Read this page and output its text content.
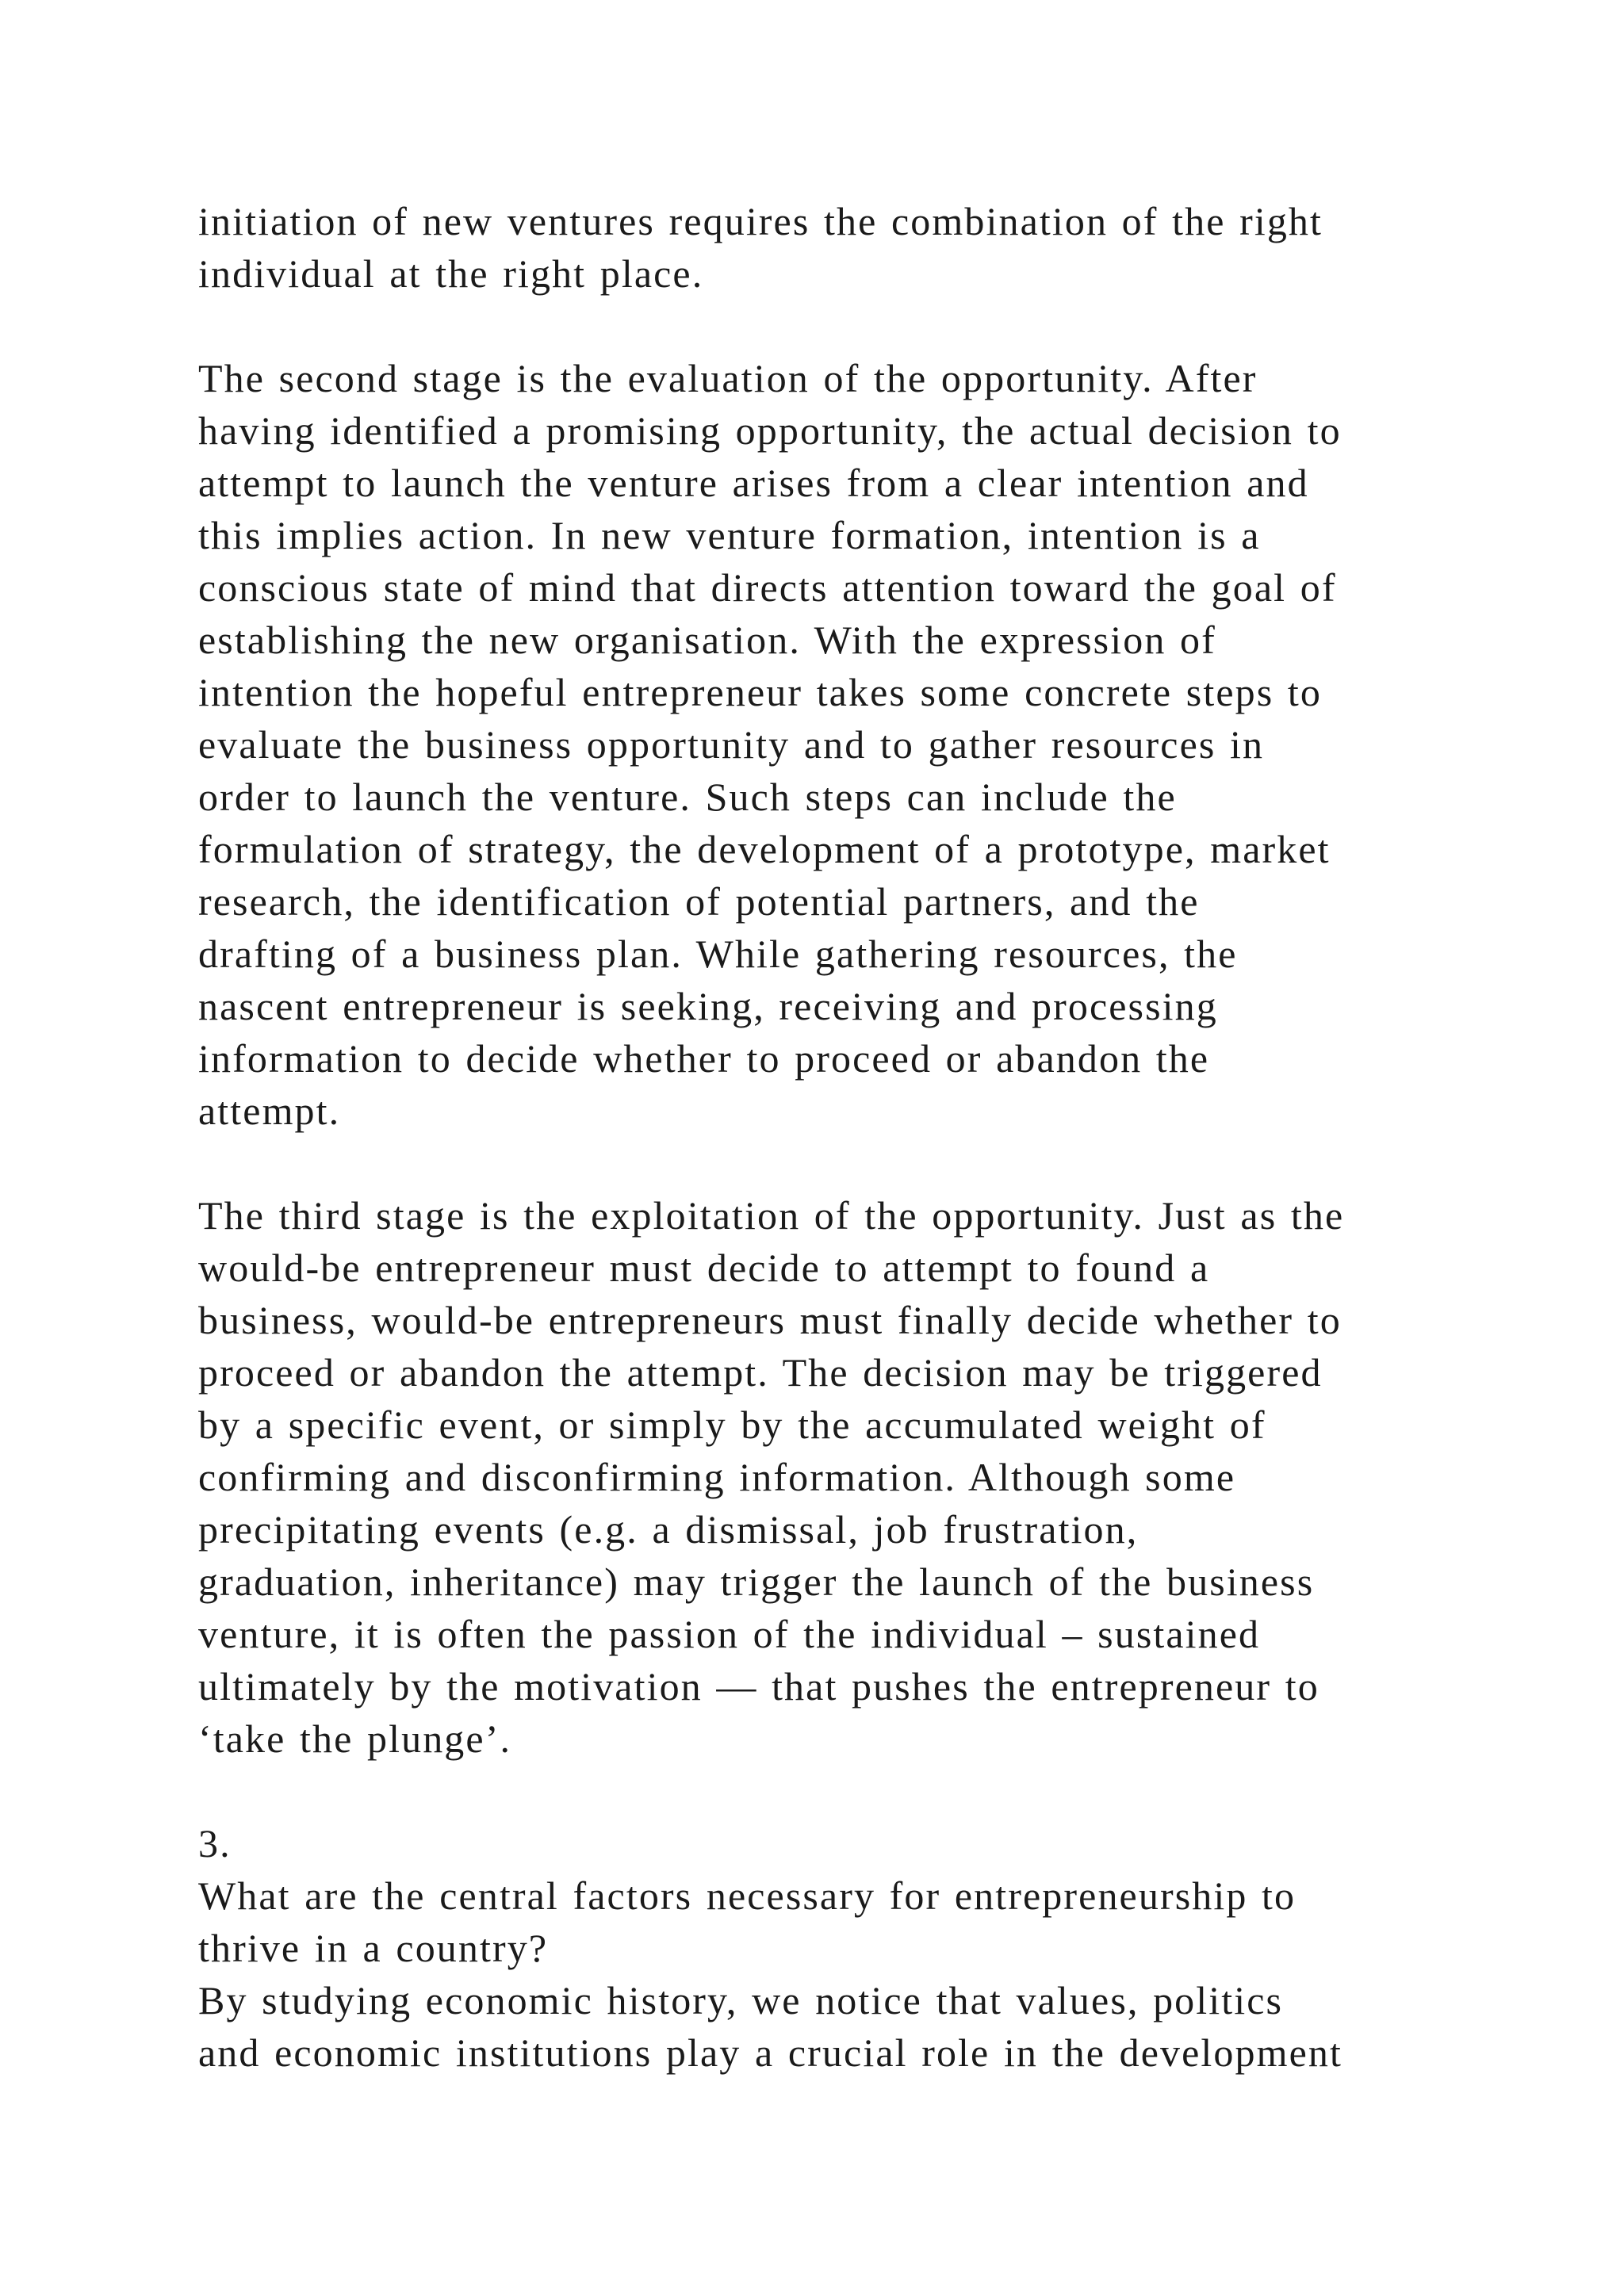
initiation of new ventures requires the combination of the right
individual at the right place.
The second stage is the evaluation of the opportunity. After
having identified a promising opportunity, the actual decision to
attempt to launch the venture arises from a clear intention and
this implies action. In new venture formation, intention is a
conscious state of mind that directs attention toward the goal of
establishing the new organisation. With the expression of
intention the hopeful entrepreneur takes some concrete steps to
evaluate the business opportunity and to gather resources in
order to launch the venture. Such steps can include the
formulation of strategy, the development of a prototype, market
research, the identification of potential partners, and the
drafting of a business plan. While gathering resources, the
nascent entrepreneur is seeking, receiving and processing
information to decide whether to proceed or abandon the
attempt.
The third stage is the exploitation of the opportunity. Just as the
would-be entrepreneur must decide to attempt to found a
business, would-be entrepreneurs must finally decide whether to
proceed or abandon the attempt. The decision may be triggered
by a specific event, or simply by the accumulated weight of
confirming and disconfirming information. Although some
precipitating events (e.g. a dismissal, job frustration,
graduation, inheritance) may trigger the launch of the business
venture, it is often the passion of the individual – sustained
ultimately by the motivation — that pushes the entrepreneur to
‘take the plunge’.
3.
What are the central factors necessary for entrepreneurship to
thrive in a country?
By studying economic history, we notice that values, politics
and economic institutions play a crucial role in the development
